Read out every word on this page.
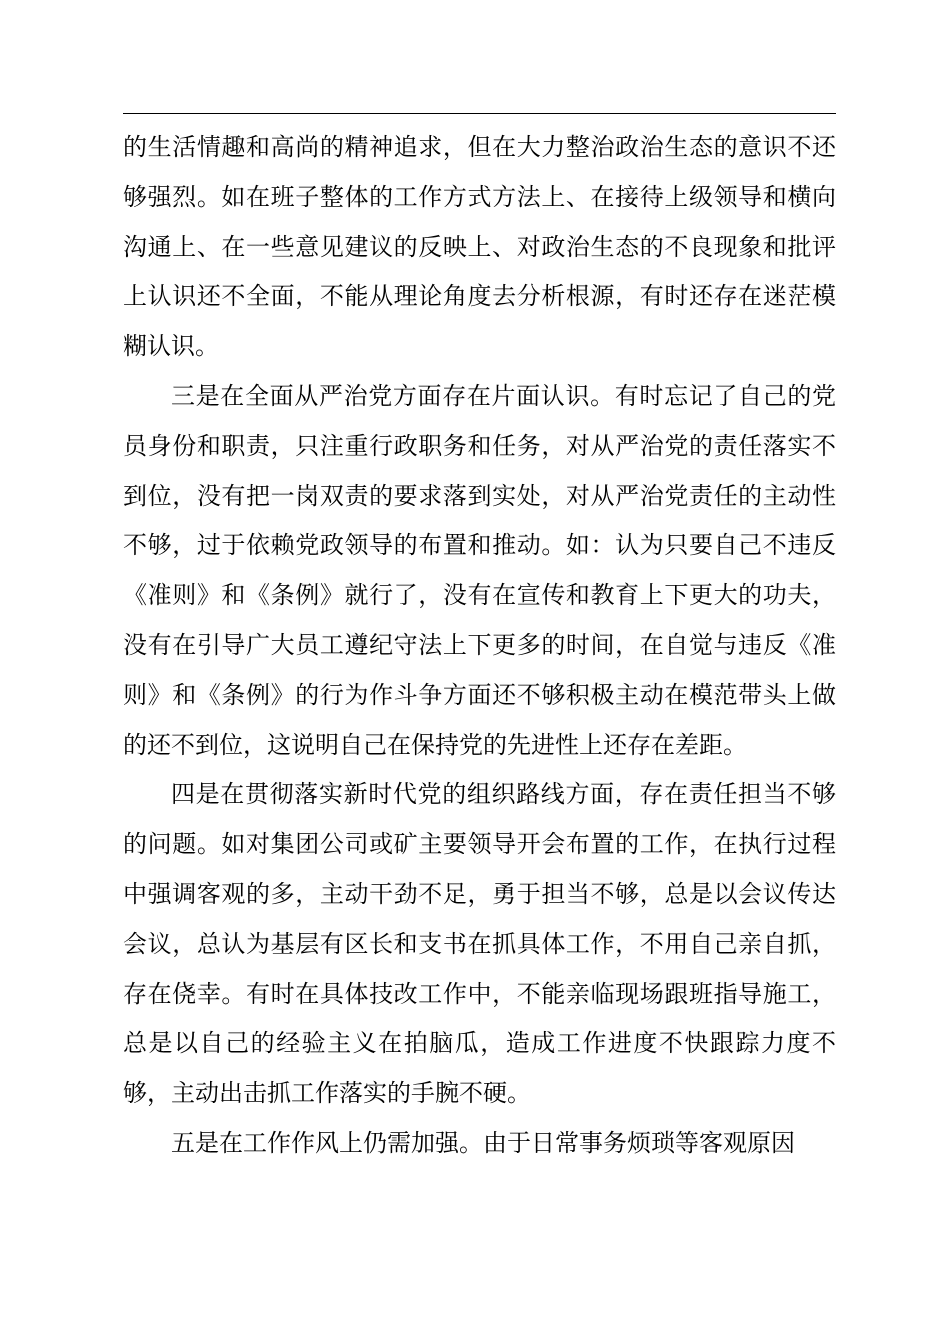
的生活情趣和高尚的精神追求，但在大力整治政治生态的意识不还够强烈。如在班子整体的工作方式方法上、在接待上级领导和横向沟通上、在一些意见建议的反映上、对政治生态的不良现象和批评上认识还不全面，不能从理论角度去分析根源，有时还存在迷茫模糊认识。

三是在全面从严治党方面存在片面认识。有时忘记了自己的党员身份和职责，只注重行政职务和任务，对从严治党的责任落实不到位，没有把一岗双责的要求落到实处，对从严治党责任的主动性不够，过于依赖党政领导的布置和推动。如：认为只要自己不违反《准则》和《条例》就行了，没有在宣传和教育上下更大的功夫，没有在引导广大员工遵纪守法上下更多的时间，在自觉与违反《准则》和《条例》的行为作斗争方面还不够积极主动在模范带头上做的还不到位，这说明自己在保持党的先进性上还存在差距。

四是在贯彻落实新时代党的组织路线方面，存在责任担当不够的问题。如对集团公司或矿主要领导开会布置的工作，在执行过程中强调客观的多，主动干劲不足，勇于担当不够，总是以会议传达会议，总认为基层有区长和支书在抓具体工作，不用自己亲自抓，存在侥幸。有时在具体技改工作中，不能亲临现场跟班指导施工，总是以自己的经验主义在拍脑瓜，造成工作进度不快跟踪力度不够，主动出击抓工作落实的手腕不硬。

五是在工作作风上仍需加强。由于日常事务烦琐等客观原因
